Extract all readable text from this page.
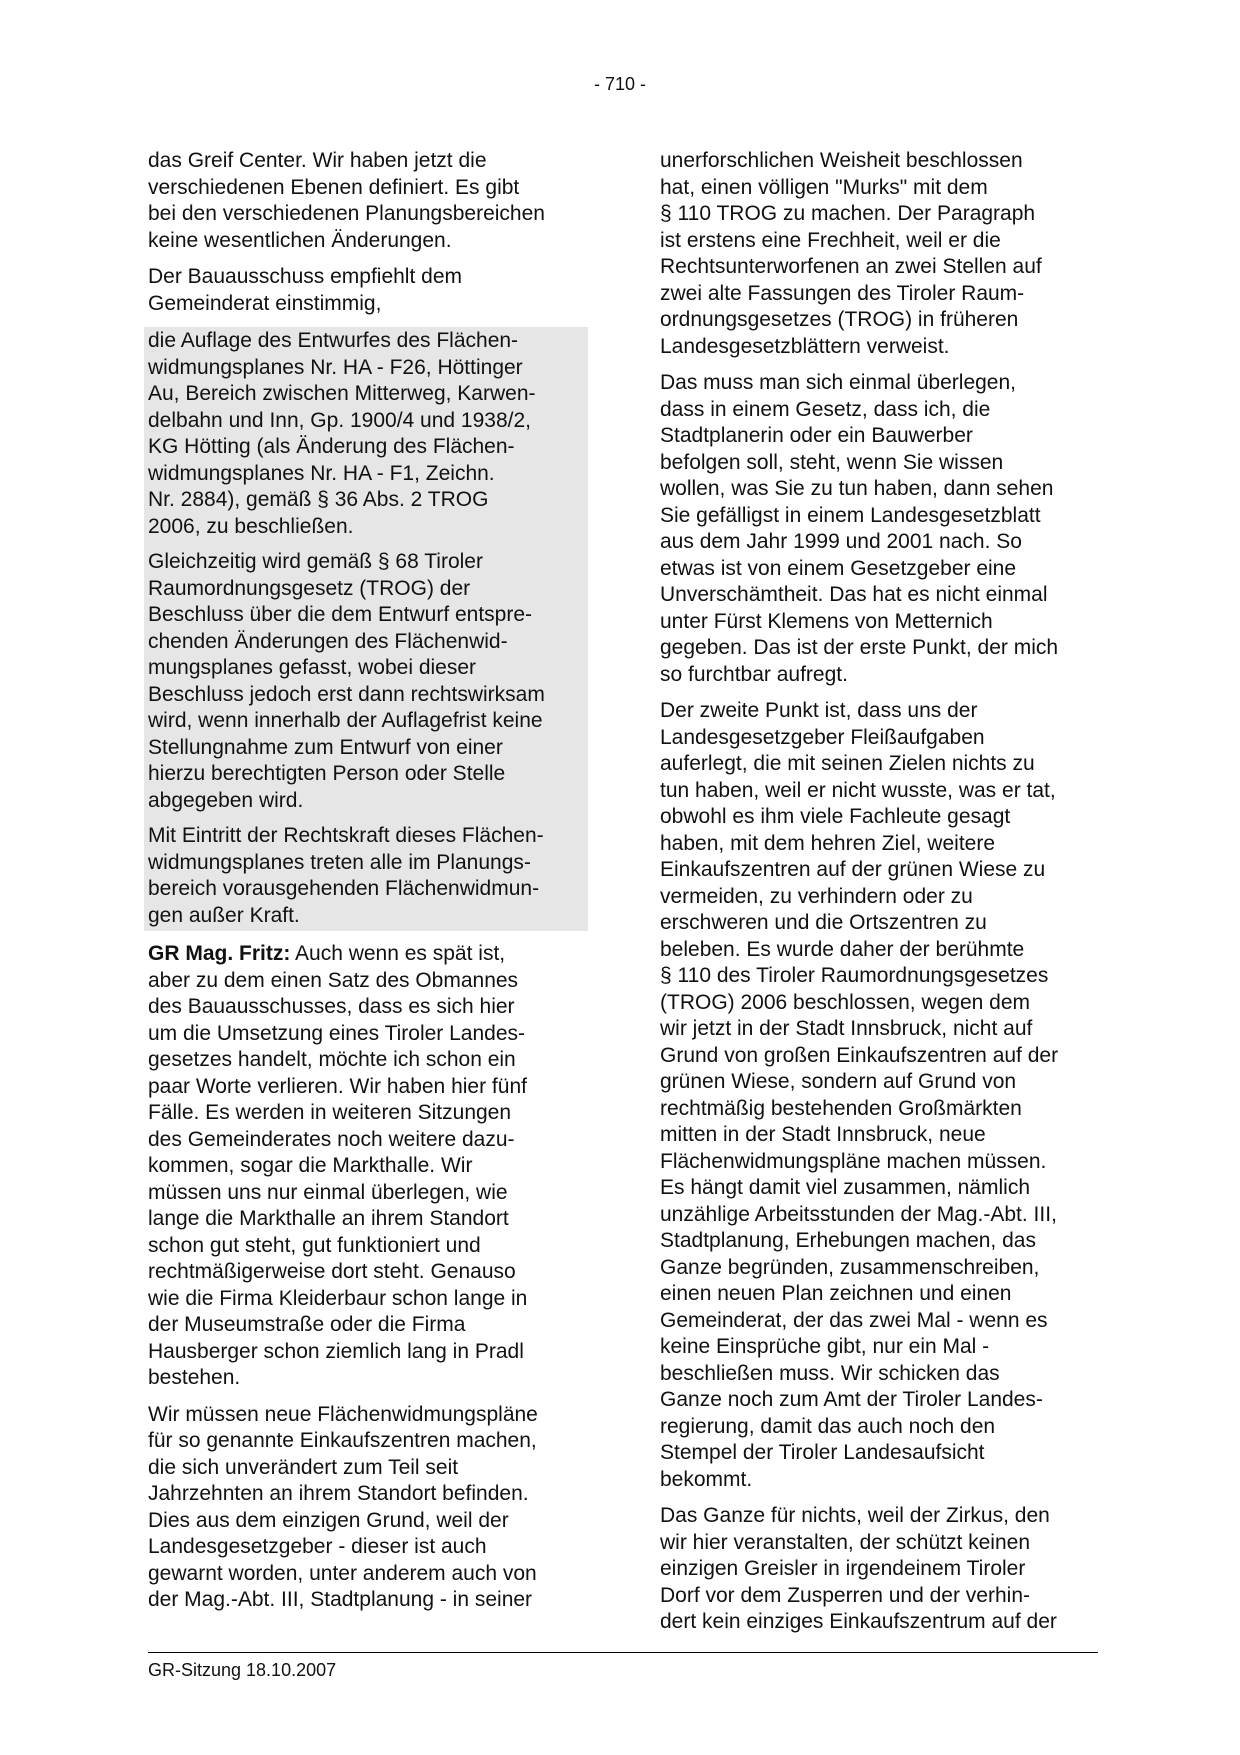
- 710 -

das Greif Center. Wir haben jetzt die
verschiedenen Ebenen definiert. Es gibt
bei den verschiedenen Planungsbereichen
keine wesentlichen Änderungen.

Der Bauausschuss empfiehlt dem
Gemeinderat einstimmig,

die Auflage des Entwurfes des Flächen-
widmungsplanes Nr. HA - F26, Höttinger
Au, Bereich zwischen Mitterweg, Karwen-
delbahn und Inn, Gp. 1900/4 und 1938/2,
KG Hötting (als Änderung des Flächen-
widmungsplanes Nr. HA - F1, Zeichn.
Nr. 2884), gemäß § 36 Abs. 2 TROG
2006, zu beschließen.

Gleichzeitig wird gemäß § 68 Tiroler
Raumordnungsgesetz (TROG) der
Beschluss über die dem Entwurf entspre-
chenden Änderungen des Flächenwid-
mungsplanes gefasst, wobei dieser
Beschluss jedoch erst dann rechtswirksam
wird, wenn innerhalb der Auflagefrist keine
Stellungnahme zum Entwurf von einer
hierzu berechtigten Person oder Stelle
abgegeben wird.

Mit Eintritt der Rechtskraft dieses Flächen-
widmungsplanes treten alle im Planungs-
bereich vorausgehenden Flächenwidmun-
gen außer Kraft.

GR Mag. Fritz: Auch wenn es spät ist,
aber zu dem einen Satz des Obmannes
des Bauausschusses, dass es sich hier
um die Umsetzung eines Tiroler Landes-
gesetzes handelt, möchte ich schon ein
paar Worte verlieren. Wir haben hier fünf
Fälle. Es werden in weiteren Sitzungen
des Gemeinderates noch weitere dazu-
kommen, sogar die Markthalle. Wir
müssen uns nur einmal überlegen, wie
lange die Markthalle an ihrem Standort
schon gut steht, gut funktioniert und
rechtmäßigerweise dort steht. Genauso
wie die Firma Kleiderbaur schon lange in
der Museumstraße oder die Firma
Hausberger schon ziemlich lang in Pradl
bestehen.

Wir müssen neue Flächenwidmungspläne
für so genannte Einkaufszentren machen,
die sich unverändert zum Teil seit
Jahrzehnten an ihrem Standort befinden.
Dies aus dem einzigen Grund, weil der
Landesgesetzgeber - dieser ist auch
gewarnt worden, unter anderem auch von
der Mag.-Abt. III, Stadtplanung - in seiner

unerforschlichen Weisheit beschlossen
hat, einen völligen "Murks" mit dem
§ 110 TROG zu machen. Der Paragraph
ist erstens eine Frechheit, weil er die
Rechtsunterworfenen an zwei Stellen auf
zwei alte Fassungen des Tiroler Raum-
ordnungsgesetzes (TROG) in früheren
Landesgesetzblättern verweist.

Das muss man sich einmal überlegen,
dass in einem Gesetz, dass ich, die
Stadtplanerin oder ein Bauwerber
befolgen soll, steht, wenn Sie wissen
wollen, was Sie zu tun haben, dann sehen
Sie gefälligst in einem Landesgesetzblatt
aus dem Jahr 1999 und 2001 nach. So
etwas ist von einem Gesetzgeber eine
Unverschämtheit. Das hat es nicht einmal
unter Fürst Klemens von Metternich
gegeben. Das ist der erste Punkt, der mich
so furchtbar aufregt.

Der zweite Punkt ist, dass uns der
Landesgesetzgeber Fleißaufgaben
auferlegt, die mit seinen Zielen nichts zu
tun haben, weil er nicht wusste, was er tat,
obwohl es ihm viele Fachleute gesagt
haben, mit dem hehren Ziel, weitere
Einkaufszentren auf der grünen Wiese zu
vermeiden, zu verhindern oder zu
erschweren und die Ortszentren zu
beleben. Es wurde daher der berühmte
§ 110 des Tiroler Raumordnungsgesetzes
(TROG) 2006 beschlossen, wegen dem
wir jetzt in der Stadt Innsbruck, nicht auf
Grund von großen Einkaufszentren auf der
grünen Wiese, sondern auf Grund von
rechtmäßig bestehenden Großmärkten
mitten in der Stadt Innsbruck, neue
Flächenwidmungspläne machen müssen.
Es hängt damit viel zusammen, nämlich
unzählige Arbeitsstunden der Mag.-Abt. III,
Stadtplanung, Erhebungen machen, das
Ganze begründen, zusammenschreiben,
einen neuen Plan zeichnen und einen
Gemeinderat, der das zwei Mal - wenn es
keine Einsprüche gibt, nur ein Mal -
beschließen muss. Wir schicken das
Ganze noch zum Amt der Tiroler Landes-
regierung, damit das auch noch den
Stempel der Tiroler Landesaufsicht
bekommt.

Das Ganze für nichts, weil der Zirkus, den
wir hier veranstalten, der schützt keinen
einzigen Greisler in irgendeinem Tiroler
Dorf vor dem Zusperren und der verhin-
dert kein einziges Einkaufszentrum auf der

GR-Sitzung 18.10.2007
